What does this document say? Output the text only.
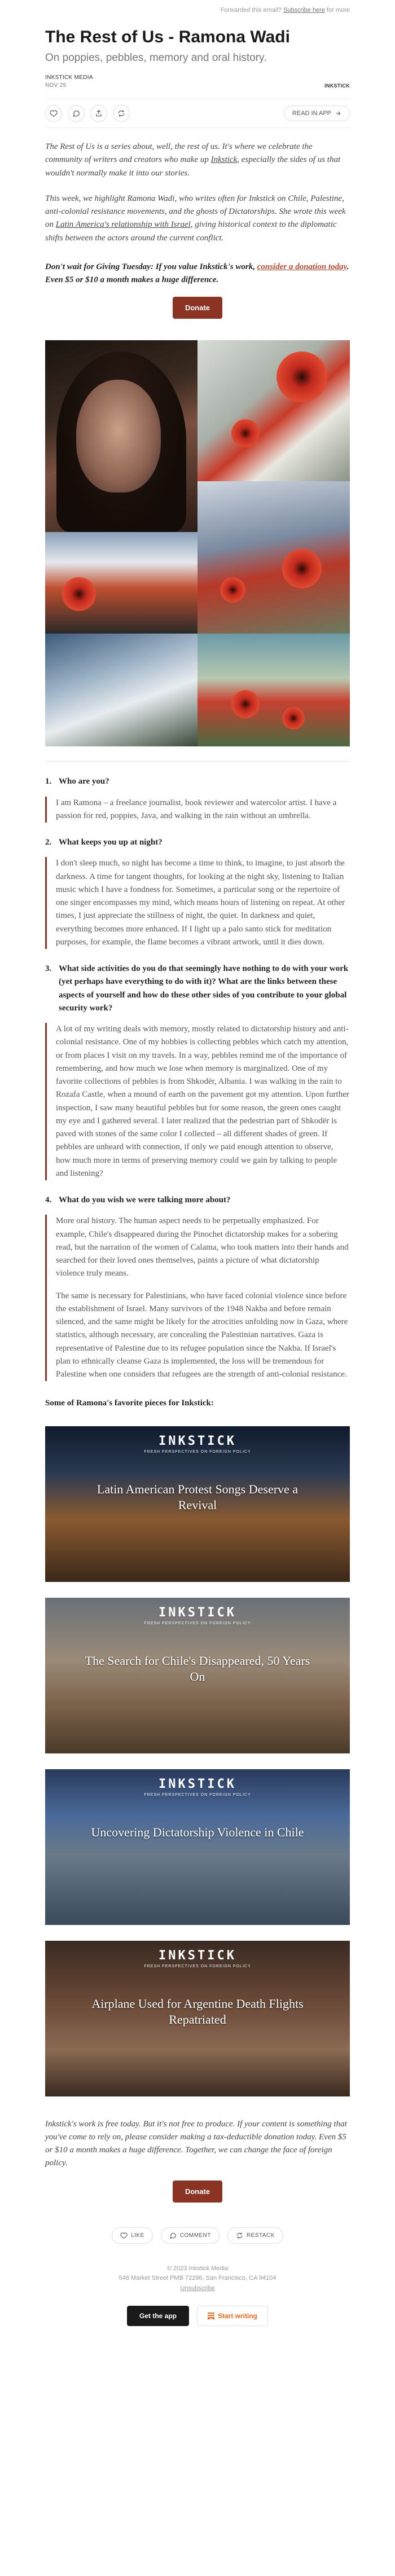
Forwarded this email? Subscribe here for more
The Rest of Us - Ramona Wadi
On poppies, pebbles, memory and oral history.
INKSTICK MEDIA
NOV 25	INKSTICK
READ IN APP

The Rest of Us is a series about, well, the rest of us. It's where we celebrate the community of writers and creators who make up Inkstick, especially the sides of us that wouldn't normally make it into our stories.

This week, we highlight Ramona Wadi, who writes often for Inkstick on Chile, Palestine, anti-colonial resistance movements, and the ghosts of Dictatorships. She wrote this week on Latin America's relationship with Israel, giving historical context to the diplomatic shifts between the actors around the current conflict.

Don't wait for Giving Tuesday: If you value Inkstick's work, consider a donation today. Even $5 or $10 a month makes a huge difference.

Donate
1. Who are you?

I am Ramona – a freelance journalist, book reviewer and watercolor artist. I have a passion for red, poppies, Java, and walking in the rain without an umbrella.

2. What keeps you up at night?

I don't sleep much, so night has become a time to think, to imagine, to just absorb the darkness. A time for tangent thoughts, for looking at the night sky, listening to Italian music which I have a fondness for. Sometimes, a particular song or the repertoire of one singer encompasses my mind, which means hours of listening on repeat. At other times, I just appreciate the stillness of night, the quiet. In darkness and quiet, everything becomes more enhanced. If I light up a palo santo stick for meditation purposes, for example, the flame becomes a vibrant artwork, until it dies down.

3. What side activities do you do that seemingly have nothing to do with your work (yet perhaps have everything to do with it)? What are the links between these aspects of yourself and how do these other sides of you contribute to your global security work?

A lot of my writing deals with memory, mostly related to dictatorship history and anti-colonial resistance. One of my hobbies is collecting pebbles which catch my attention, or from places I visit on my travels. In a way, pebbles remind me of the importance of remembering, and how much we lose when memory is marginalized. One of my favorite collections of pebbles is from Shkodër, Albania. I was walking in the rain to Rozafa Castle, when a mound of earth on the pavement got my attention. Upon further inspection, I saw many beautiful pebbles but for some reason, the green ones caught my eye and I gathered several. I later realized that the pedestrian part of Shkodër is paved with stones of the same color I collected – all different shades of green. If pebbles are unheard with connection, if only we paid enough attention to observe, how much more in terms of preserving memory could we gain by talking to people and listening?

4. What do you wish we were talking more about?

More oral history. The human aspect needs to be perpetually emphasized. For example, Chile's disappeared during the Pinochet dictatorship makes for a sobering read, but the narration of the women of Calama, who took matters into their hands and searched for their loved ones themselves, paints a picture of what dictatorship violence truly means.

The same is necessary for Palestinians, who have faced colonial violence since before the establishment of Israel. Many survivors of the 1948 Nakba and before remain silenced, and the same might be likely for the atrocities unfolding now in Gaza, where statistics, although necessary, are concealing the Palestinian narratives. Gaza is representative of Palestine due to its refugee population since the Nakba. If Israel's plan to ethnically cleanse Gaza is implemented, the loss will be tremendous for Palestine when one considers that refugees are the strength of anti-colonial resistance.

Some of Ramona's favorite pieces for Inkstick:

INKSTICK
FRESH PERSPECTIVES ON FOREIGN POLICY
Latin American Protest Songs Deserve a Revival
INKSTICK
FRESH PERSPECTIVES ON FOREIGN POLICY
The Search for Chile's Disappeared, 50 Years On
INKSTICK
FRESH PERSPECTIVES ON FOREIGN POLICY
Uncovering Dictatorship Violence in Chile
INKSTICK
FRESH PERSPECTIVES ON FOREIGN POLICY
Airplane Used for Argentine Death Flights Repatriated

Inkstick's work is free today. But it's not free to produce. If your content is something that you've come to rely on, please consider making a tax-deductible donation today. Even $5 or $10 a month makes a huge difference. Together, we can change the face of foreign policy.

Donate
LIKE	COMMENT	RESTACK
© 2023 Inkstick Media
548 Market Street PMB 72296, San Francisco, CA 94104
Unsubscribe
Get the app	Start writing
